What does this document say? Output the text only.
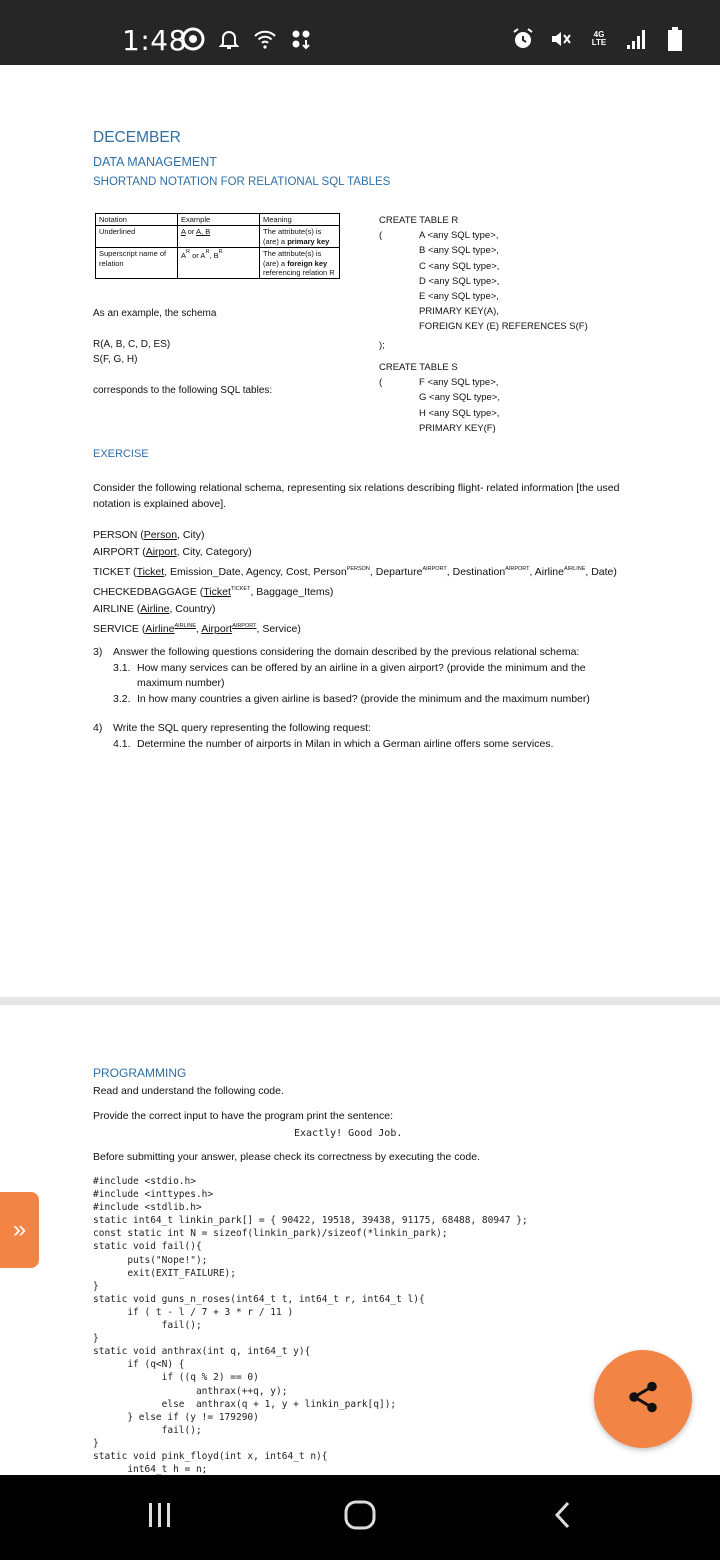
1:48	4G LTE
DECEMBER
DATA MANAGEMENT
SHORTAND NOTATION FOR RELATIONAL SQL TABLES
Notation	Example	Meaning
Underlined	A or A, B	The attribute(s) is (are) a primary key
Superscript name of relation	$A^R$ or $A^R$, $B^R$	The attribute(s) is (are) a foreign key referencing relation R
As an example, the schema
R(A, B, C, D, ES)
S(F, G, H)
corresponds to the following SQL tables:
CREATE TABLE R
(	A <any SQL type>,
B <any SQL type>,
C <any SQL type>,
D <any SQL type>,
E <any SQL type>,
PRIMARY KEY(A),
FOREIGN KEY (E) REFERENCES S(F)
);
CREATE TABLE S
(	F <any SQL type>,
G <any SQL type>,
H <any SQL type>,
PRIMARY KEY(F)
EXERCISE
Consider the following relational schema, representing six relations describing flight- related information [the used notation is explained above].
PERSON (Person, City)
AIRPORT (Airport, City, Category)
TICKET (Ticket, Emission_Date, Agency, Cost, Person$^{PERSON}$, Departure$^{AIRPORT}$, Destination$^{AIRPORT}$, Airline$^{AIRLINE}$, Date)
CHECKEDBAGGAGE (Ticket$^{TICKET}$, Baggage_Items)
AIRLINE (Airline, Country)
SERVICE (Airline$^{AIRLINE}$, Airport$^{AIRPORT}$, Service)
3) Answer the following questions considering the domain described by the previous relational schema:
3.1. How many services can be offered by an airline in a given airport? (provide the minimum and the
maximum number)
3.2. In how many countries a given airline is based? (provide the minimum and the maximum number)
4) Write the SQL query representing the following request:
4.1. Determine the number of airports in Milan in which a German airline offers some services.
PROGRAMMING
Read and understand the following code.
Provide the correct input to have the program print the sentence:
Exactly! Good Job.
Before submitting your answer, please check its correctness by executing the code.
#include <stdio.h>
#include <inttypes.h>
#include <stdlib.h>
static int64_t linkin_park[] = { 90422, 19518, 39438, 91175, 68488, 80947 };
const static int N = sizeof(linkin_park)/sizeof(*linkin_park);
static void fail(){
puts("Nope!");
exit(EXIT_FAILURE);
}
static void guns_n_roses(int64_t t, int64_t r, int64_t l){
if ( t - l / 7 + 3 * r / 11 )
fail();
}
static void anthrax(int q, int64_t y){
if (q<N) {
if ((q % 2) == 0)
anthrax(++q, y);
else  anthrax(q + 1, y + linkin_park[q]);
} else if (y != 179290)
fail();
}
static void pink_floyd(int x, int64_t n){
int64_t h = n;
»
